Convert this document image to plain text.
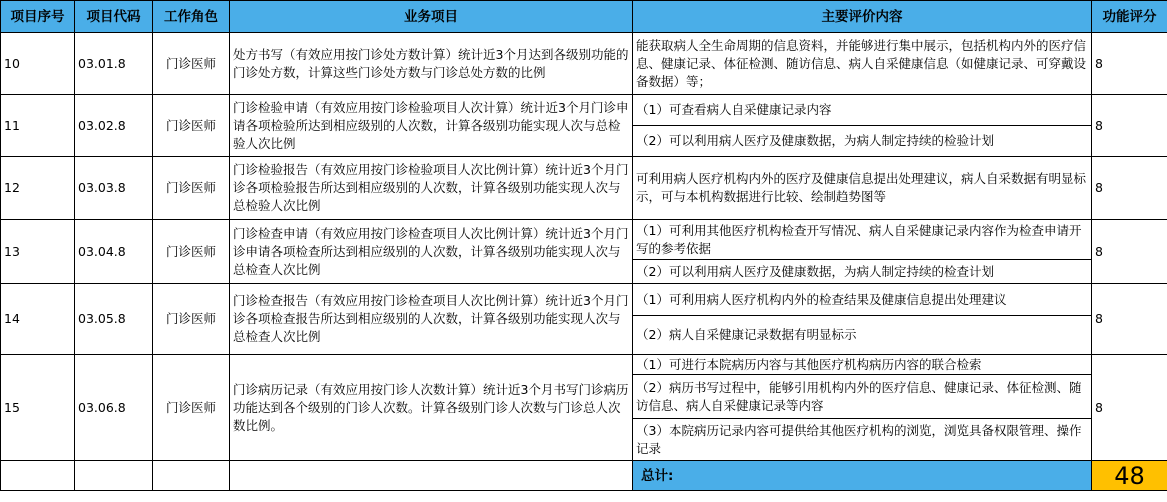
项目序号	项目代码	工作角色	业务项目	主要评价内容	功能评分
10	03.01.8	门诊医师	处方书写（有效应用按门诊处方数计算）统计近3个月达到各级别功能的门诊处方数，计算这些门诊处方数与门诊总处方数的比例	能获取病人全生命周期的信息资料，并能够进行集中展示，包括机构内外的医疗信息、健康记录、体征检测、随访信息、病人自采健康信息（如健康记录、可穿戴设备数据）等；	8
11	03.02.8	门诊医师	门诊检验申请（有效应用按门诊检验项目人次计算）统计近3个月门诊申请各项检验所达到相应级别的人次数，计算各级别功能实现人次与总检验人次比例	（1）可查看病人自采健康记录内容	8
				（2）可以利用病人医疗及健康数据，为病人制定持续的检验计划	
12	03.03.8	门诊医师	门诊检验报告（有效应用按门诊检验项目人次比例计算）统计近3个月门诊各项检验报告所达到相应级别的人次数，计算各级别功能实现人次与总检验人次比例	可利用病人医疗机构内外的医疗及健康信息提出处理建议，病人自采数据有明显标示，可与本机构数据进行比较、绘制趋势图等	8
13	03.04.8	门诊医师	门诊检查申请（有效应用按门诊检查项目人次比例计算）统计近3个月门诊申请各项检查所达到相应级别的人次数，计算各级别功能实现人次与总检查人次比例	（1）可利用其他医疗机构检查开写情况、病人自采健康记录内容作为检查申请开写的参考依据	8
				（2）可以利用病人医疗及健康数据，为病人制定持续的检查计划	
14	03.05.8	门诊医师	门诊检查报告（有效应用按门诊检查项目人次比例计算）统计近3个月门诊各项检查报告所达到相应级别的人次数，计算各级别功能实现人次与总检查人次比例	（1）可利用病人医疗机构内外的检查结果及健康信息提出处理建议	8
				（2）病人自采健康记录数据有明显标示	
15	03.06.8	门诊医师	门诊病历记录（有效应用按门诊人次数计算）统计近3个月书写门诊病历功能达到各个级别的门诊人次数。计算各级别门诊人次数与门诊总人次数比例。	（1）可进行本院病历内容与其他医疗机构病历内容的联合检索	8
				（2）病历书写过程中，能够引用机构内外的医疗信息、健康记录、体征检测、随访信息、病人自采健康记录等内容	
				（3）本院病历记录内容可提供给其他医疗机构的浏览，浏览具备权限管理、操作记录	
				总计:	48
